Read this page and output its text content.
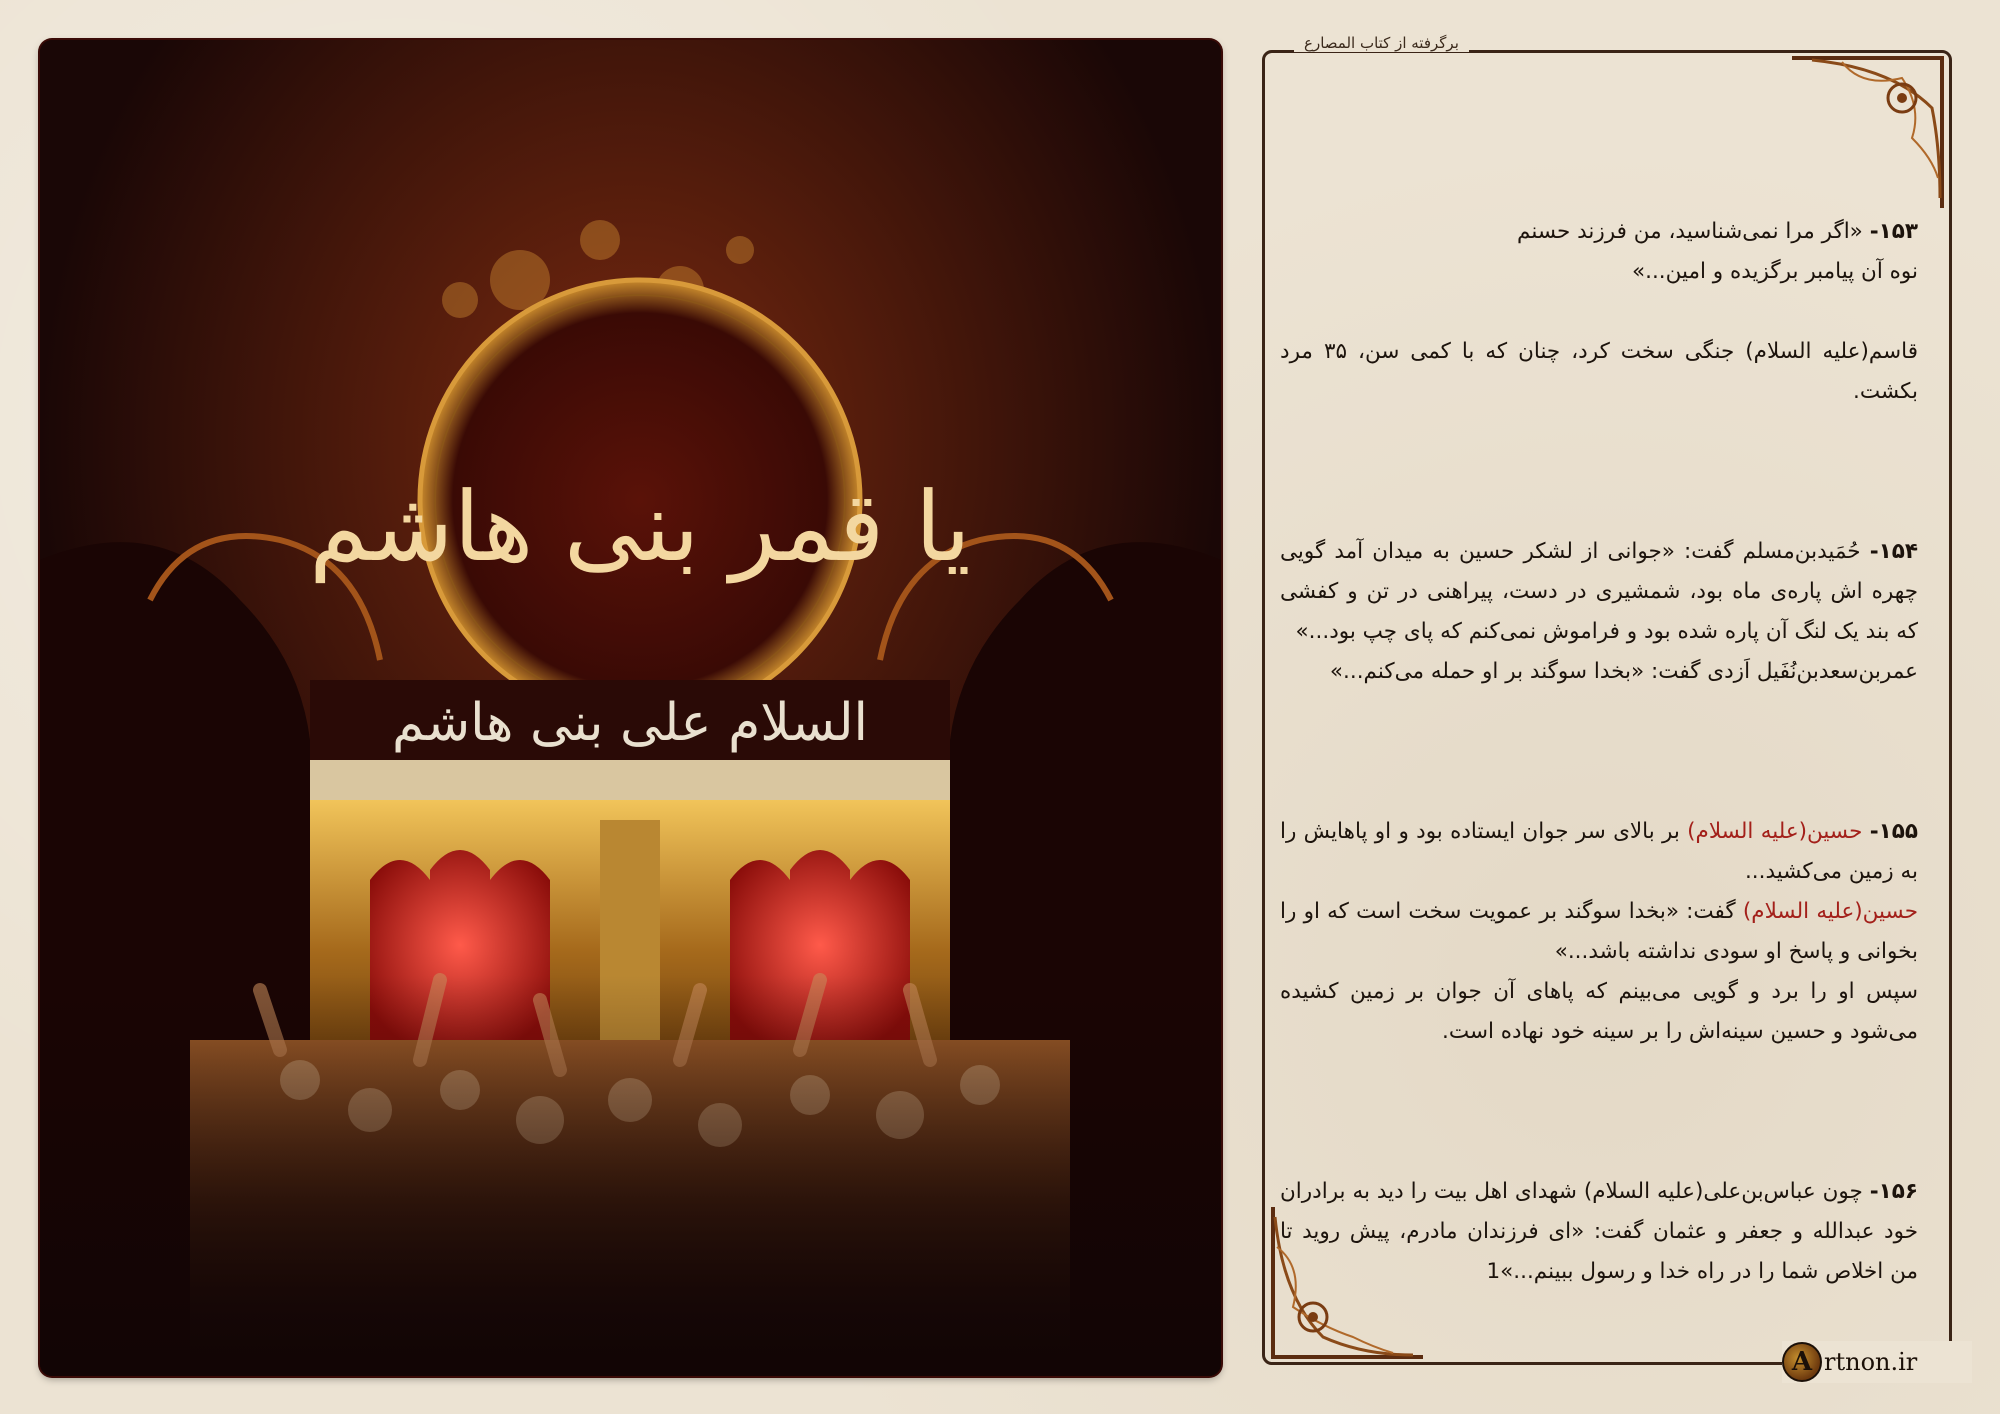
یا قمر بنی هاشم
السلام علی بنی هاشم
برگرفته از کتاب المصارع

۱۵۳- «اگر مرا نمی‌شناسید، من فرزند حسنم

نوه آن پیامبر برگزیده و امین...»

قاسم(علیه السلام) جنگی سخت کرد، چنان که با کمی سن، ۳۵ مرد بکشت.

۱۵۴- حُمَیدبن‌مسلم گفت: «جوانی از لشکر حسین به میدان آمد گویی چهره اش پاره‌ی ماه بود، شمشیری در دست، پیراهنی در تن و کفشی که بند یک لنگ آن پاره شده بود و فراموش نمی‌کنم که پای چپ بود...»

عمربن‌سعدبن‌نُفَیل اَزدی گفت: «بخدا سوگند بر او حمله می‌کنم...»

۱۵۵- حسین(علیه السلام) بر بالای سر جوان ایستاده بود و او پاهایش را به زمین می‌کشید...

حسین(علیه السلام) گفت: «بخدا سوگند بر عمویت سخت است که او را بخوانی و پاسخ او سودی نداشته باشد...»

سپس او را برد و گویی می‌بینم که پاهای آن جوان بر زمین کشیده می‌شود و حسین سینه‌اش را بر سینه خود نهاده است.

۱۵۶- چون عباس‌بن‌علی(علیه السلام) شهدای اهل بیت را دید به برادران خود عبدالله و جعفر و عثمان گفت: «ای فرزندان مادرم، پیش روید تا من اخلاص شما را در راه خدا و رسول ببینم...»1

A rtnon.ir
